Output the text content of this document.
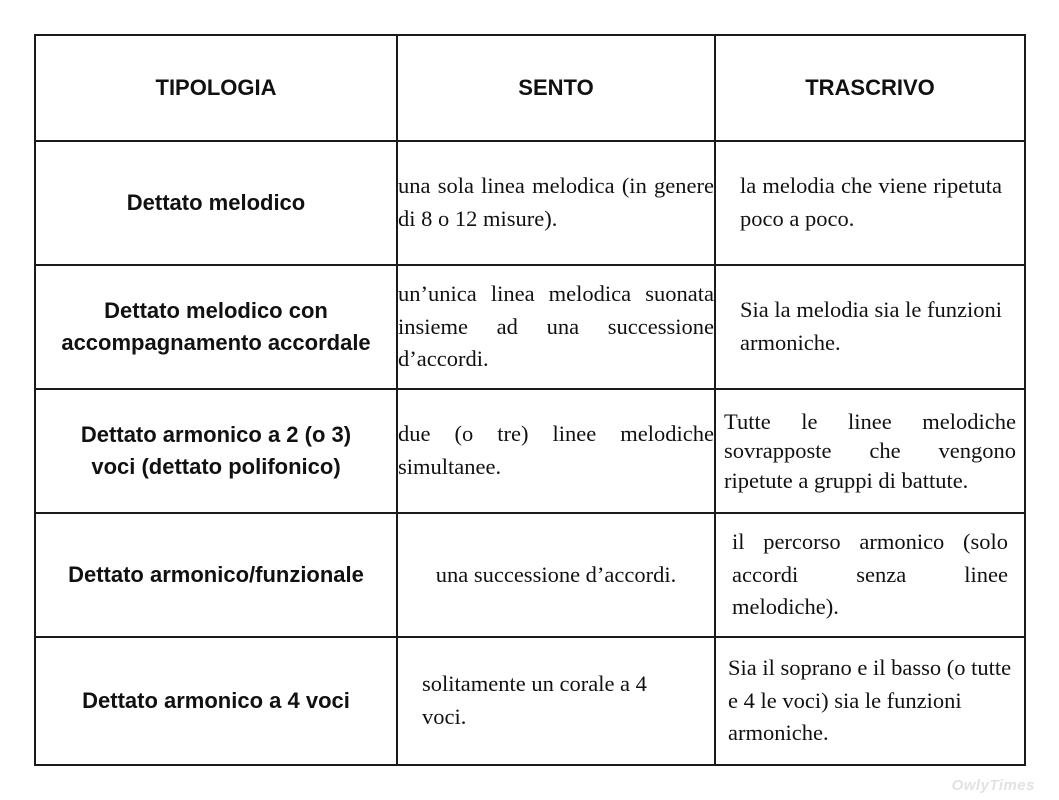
TIPOLOGIA	SENTO	TRASCRIVO

Dettato melodico	una sola linea melodica (in genere di 8 o 12 misure).	la melodia che viene ripetuta poco a poco.

Dettato melodico con accompagnamento accordale	un’unica linea melodica suonata insieme ad una successione d’accordi.	Sia la melodia sia le funzioni armoniche.

Dettato armonico a 2 (o 3) voci (dettato polifonico)	due (o tre) linee melodiche simultanee.	Tutte le linee melodiche sovrapposte che vengono ripetute a gruppi di battute.

Dettato armonico/funzionale	una successione d’accordi.	il percorso armonico (solo accordi senza linee melodiche).

Dettato armonico a 4 voci	solitamente un corale a 4 voci.	Sia il soprano e il basso (o tutte e 4 le voci) sia le funzioni armoniche.
OwlyTimes
